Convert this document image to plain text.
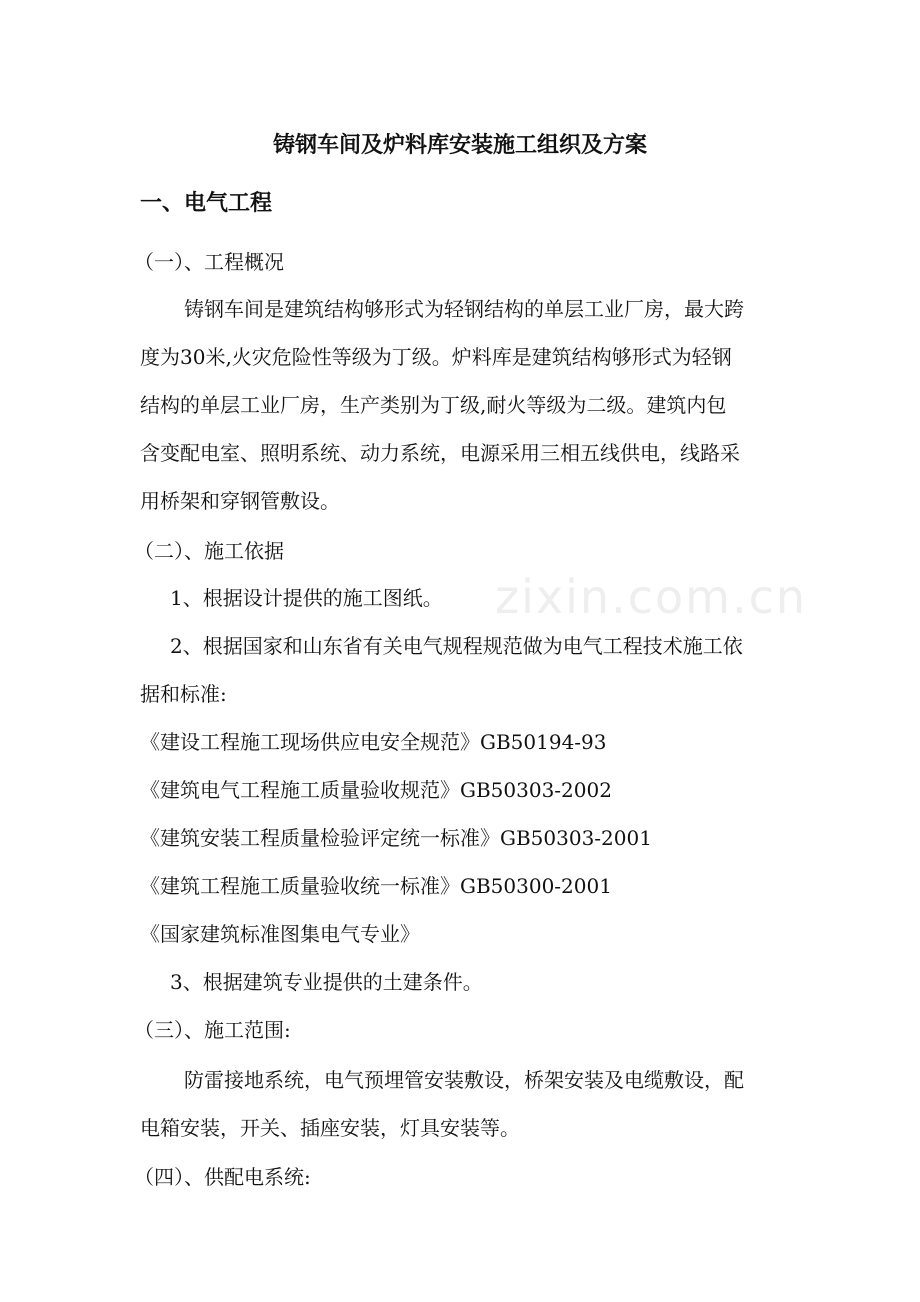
铸钢车间及炉料库安装施工组织及方案
一、电气工程
（一）、工程概况
铸钢车间是建筑结构够形式为轻钢结构的单层工业厂房，最大跨
度为30米,火灾危险性等级为丁级。炉料库是建筑结构够形式为轻钢
结构的单层工业厂房，生产类别为丁级,耐火等级为二级。建筑内包
含变配电室、照明系统、动力系统，电源采用三相五线供电，线路采
用桥架和穿钢管敷设。
（二）、施工依据
1、根据设计提供的施工图纸。
2、根据国家和山东省有关电气规程规范做为电气工程技术施工依
据和标准:
《建设工程施工现场供应电安全规范》GB50194-93
《建筑电气工程施工质量验收规范》GB50303-2002
《建筑安装工程质量检验评定统一标准》GB50303-2001
《建筑工程施工质量验收统一标准》GB50300-2001
《国家建筑标准图集电气专业》
3、根据建筑专业提供的土建条件。
（三）、施工范围:
防雷接地系统，电气预埋管安装敷设，桥架安装及电缆敷设，配
电箱安装，开关、插座安装，灯具安装等。
（四）、供配电系统:
zixin.com.cn
